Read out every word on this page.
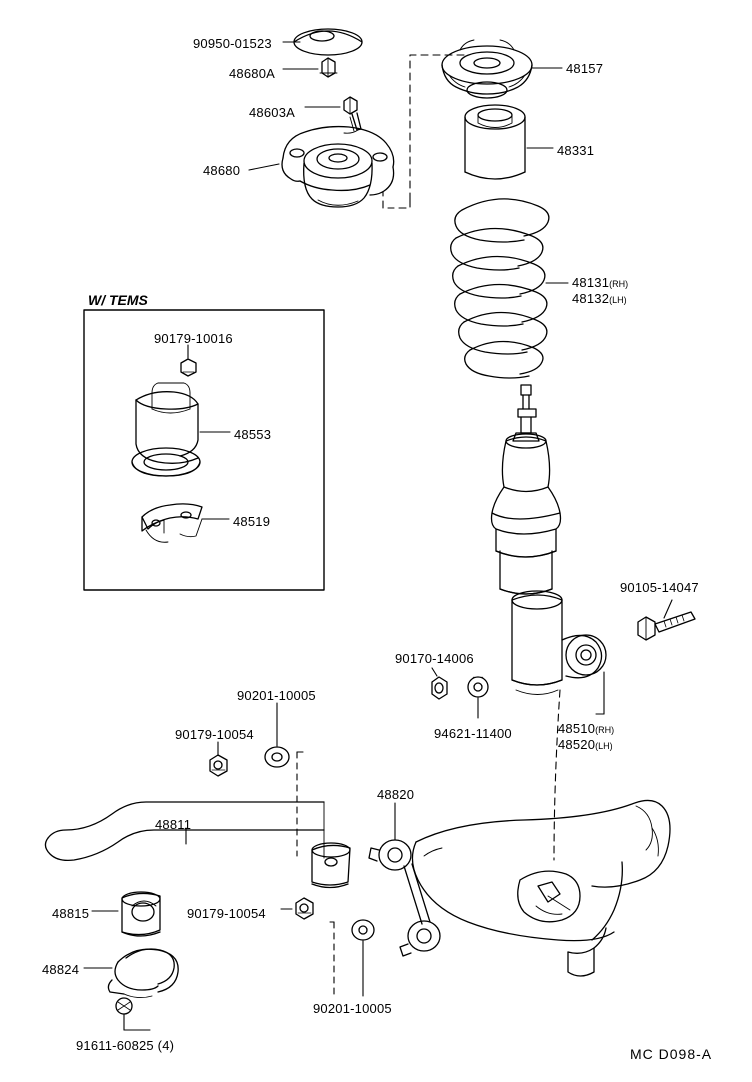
W/ TEMS
90950-01523
48680A
48603A
48680
48157
48331
48131(RH)
48132(LH)
90179-10016
48553
48519
90105-14047
90170-14006
94621-11400	48510(RH)
48520(LH)
90201-10005
90179-10054
48811
48820
48815	90179-10054
48824
91611-60825 (4)
90201-10005
MC D098-A
